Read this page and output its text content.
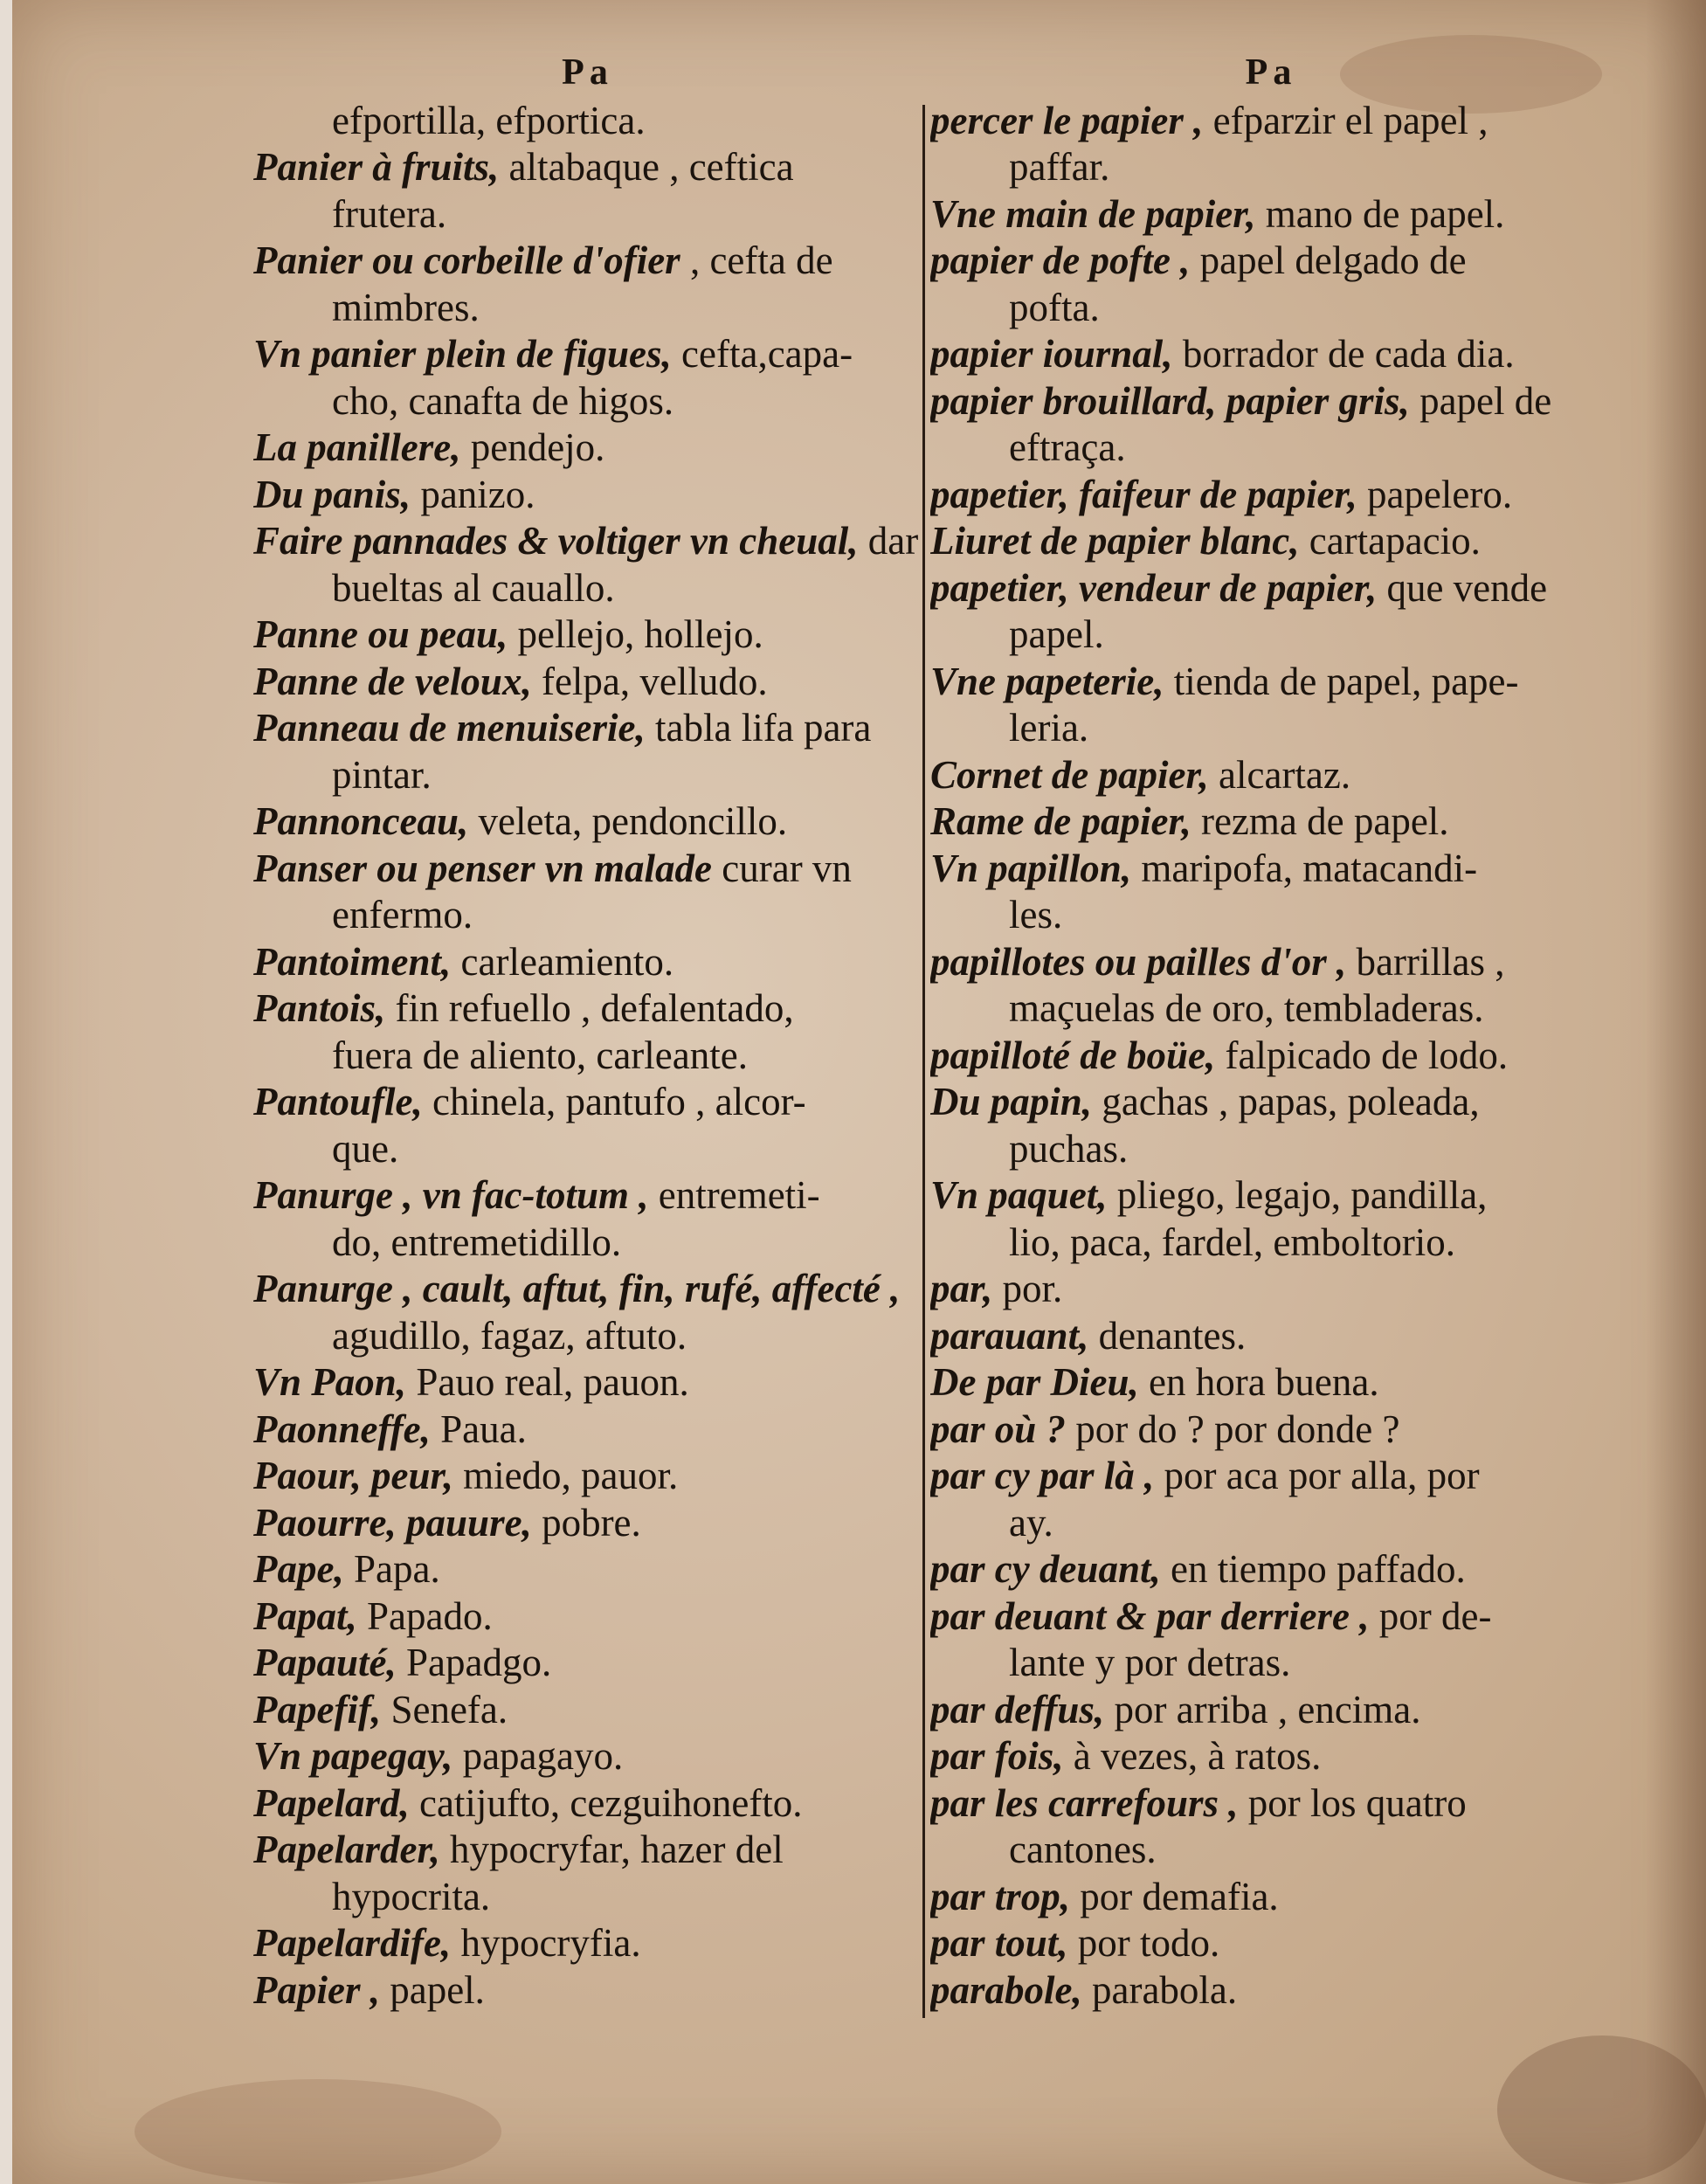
Pa
efportilla, efportica.
Panier à fruits, altabaque , ceftica
frutera.
Panier ou corbeille d'ofier , cefta de
mimbres.
Vn panier plein de figues, cefta,capa-
cho, canafta de higos.
La panillere, pendejo.
Du panis, panizo.
Faire pannades & voltiger vn cheual, dar
bueltas al cauallo.
Panne ou peau, pellejo, hollejo.
Panne de veloux, felpa, velludo.
Panneau de menuiserie, tabla lifa para
pintar.
Pannonceau, veleta, pendoncillo.
Panser ou penser vn malade curar vn
enfermo.
Pantoiment, carleamiento.
Pantois, fin refuello , defalentado,
fuera de aliento, carleante.
Pantoufle, chinela, pantufo , alcor-
que.
Panurge , vn fac-totum , entremeti-
do, entremetidillo.
Panurge , cault, aftut, fin, rufé, affecté ,
agudillo, fagaz, aftuto.
Vn Paon, Pauo real, pauon.
Paonneffe, Paua.
Paour, peur, miedo, pauor.
Paourre, pauure, pobre.
Pape, Papa.
Papat, Papado.
Papauté, Papadgo.
Papefif, Senefa.
Vn papegay, papagayo.
Papelard, catijufto, cezguihonefto.
Papelarder, hypocryfar, hazer del
hypocrita.
Papelardife, hypocryfia.
Papier , papel.
Pa
percer le papier , efparzir el papel ,
paffar.
Vne main de papier, mano de papel.
papier de pofte , papel delgado de
pofta.
papier iournal, borrador de cada dia.
papier brouillard, papier gris, papel de
eftraça.
papetier, faifeur de papier, papelero.
Liuret de papier blanc, cartapacio.
papetier, vendeur de papier, que vende
papel.
Vne papeterie, tienda de papel, pape-
leria.
Cornet de papier, alcartaz.
Rame de papier, rezma de papel.
Vn papillon, maripofa, matacandi-
les.
papillotes ou pailles d'or , barrillas ,
maçuelas de oro, tembladeras.
papilloté de boüe, falpicado de lodo.
Du papin, gachas , papas, poleada,
puchas.
Vn paquet, pliego, legajo, pandilla,
lio, paca, fardel, emboltorio.
par, por.
parauant, denantes.
De par Dieu, en hora buena.
par où ? por do ? por donde ?
par cy par là , por aca por alla, por
ay.
par cy deuant, en tiempo paffado.
par deuant & par derriere , por de-
lante y por detras.
par deffus, por arriba , encima.
par fois, à vezes, à ratos.
par les carrefours , por los quatro
cantones.
par trop, por demafia.
par tout, por todo.
parabole, parabola.
